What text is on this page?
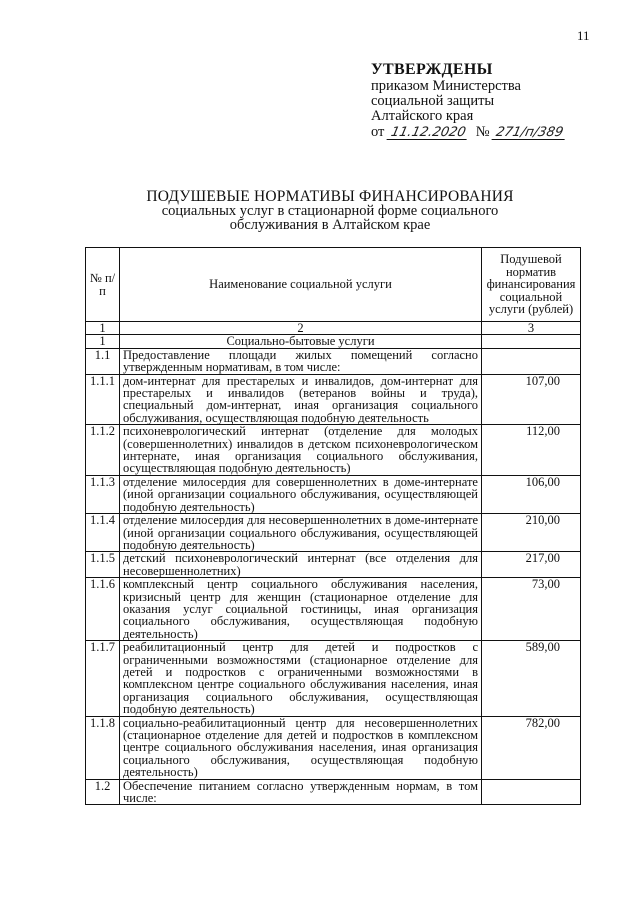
11
УТВЕРЖДЕНЫ
приказом Министерства
социальной защиты
Алтайского края
от 11.12.2020 № 271/п/389
ПОДУШЕВЫЕ НОРМАТИВЫ ФИНАНСИРОВАНИЯ
социальных услуг в стационарной форме социального
обслуживания в Алтайском крае
№ п/п	Наименование социальной услуги	Подушевой норматив финансирования социальной услуги (рублей)
1	2	3
1	Социально-бытовые услуги	
1.1	Предоставление площади жилых помещений согласно утвержденным нормативам, в том числе:	
1.1.1	дом-интернат для престарелых и инвалидов, дом-интернат для престарелых и инвалидов (ветеранов войны и труда), специальный дом-интернат, иная организация социального обслуживания, осуществляющая подобную деятельность	107,00
1.1.2	психоневрологический интернат (отделение для молодых (совершеннолетних) инвалидов в детском психоневрологическом интернате, иная организация социального обслуживания, осуществляющая подобную деятельность)	112,00
1.1.3	отделение милосердия для совершеннолетних в доме-интернате (иной организации социального обслуживания, осуществляющей подобную деятельность)	106,00
1.1.4	отделение милосердия для несовершеннолетних в доме-интернате (иной организации социального обслуживания, осуществляющей подобную деятельность)	210,00
1.1.5	детский психоневрологический интернат (все отделения для несовершеннолетних)	217,00
1.1.6	комплексный центр социального обслуживания населения, кризисный центр для женщин (стационарное отделение для оказания услуг социальной гостиницы, иная организация социального обслуживания, осуществляющая подобную деятельность)	73,00
1.1.7	реабилитационный центр для детей и подростков с ограниченными возможностями (стационарное отделение для детей и подростков с ограниченными возможностями в комплексном центре социального обслуживания населения, иная организация социального обслуживания, осуществляющая подобную деятельность)	589,00
1.1.8	социально-реабилитационный центр для несовершеннолетних (стационарное отделение для детей и подростков в комплексном центре социального обслуживания населения, иная организация социального обслуживания, осуществляющая подобную деятельность)	782,00
1.2	Обеспечение питанием согласно утвержденным нормам, в том числе:	
